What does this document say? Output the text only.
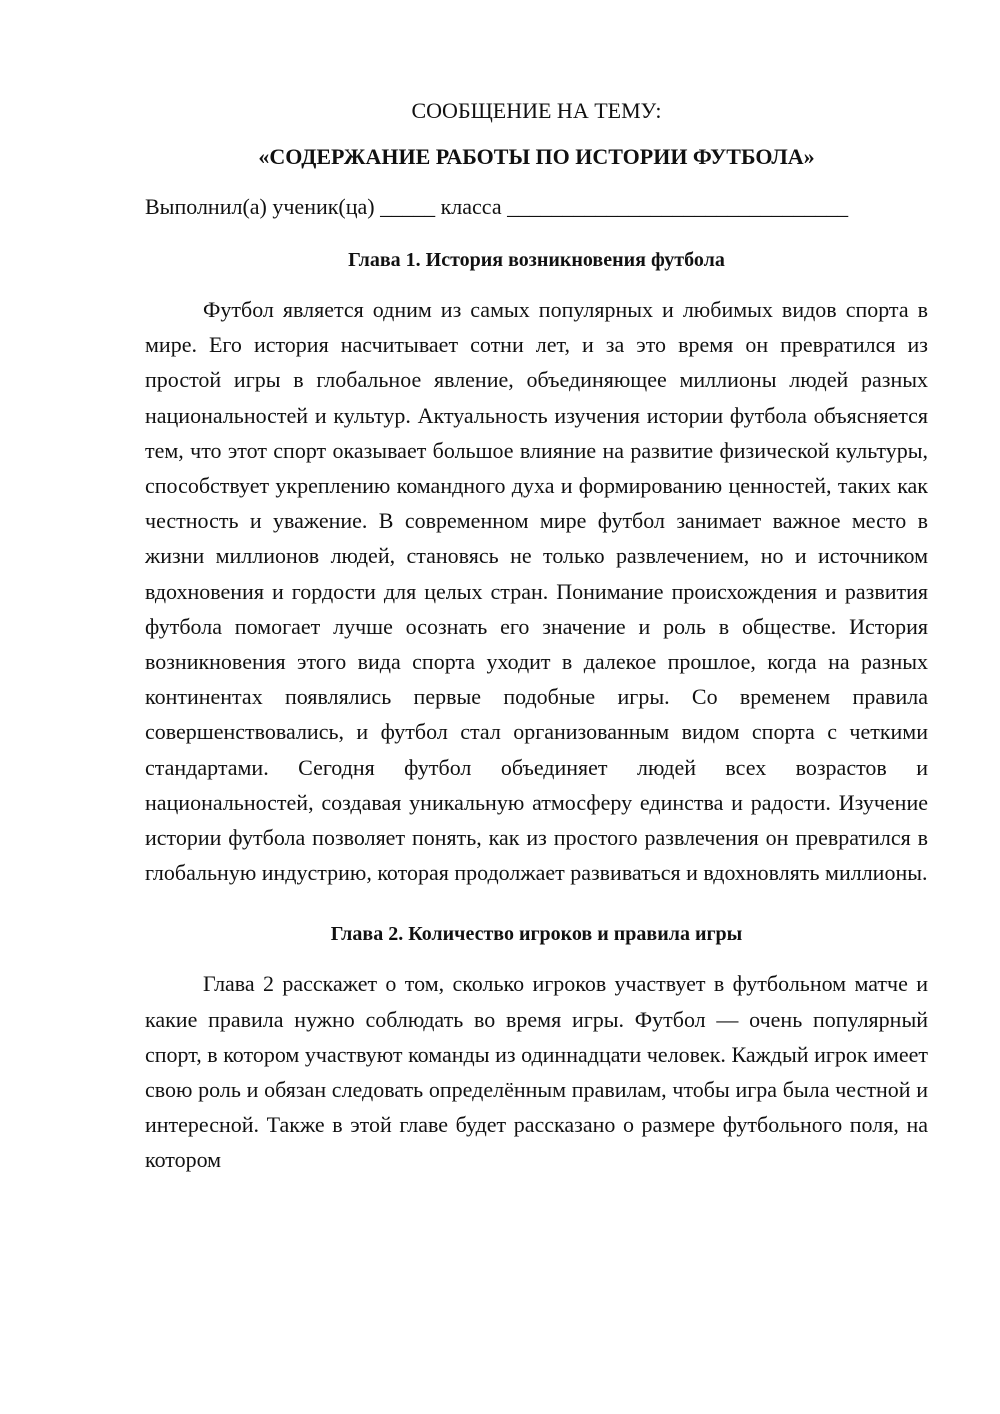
СООБЩЕНИЕ НА ТЕМУ:

«СОДЕРЖАНИЕ РАБОТЫ ПО ИСТОРИИ ФУТБОЛА»

Выполнил(а) ученик(ца) _____ класса _______________________________
Глава 1. История возникновения футбола

Футбол является одним из самых популярных и любимых видов спорта в мире. Его история насчитывает сотни лет, и за это время он превратился из простой игры в глобальное явление, объединяющее миллионы людей разных национальностей и культур. Актуальность изучения истории футбола объясняется тем, что этот спорт оказывает большое влияние на развитие физической культуры, способствует укреплению командного духа и формированию ценностей, таких как честность и уважение. В современном мире футбол занимает важное место в жизни миллионов людей, становясь не только развлечением, но и источником вдохновения и гордости для целых стран. Понимание происхождения и развития футбола помогает лучше осознать его значение и роль в обществе. История возникновения этого вида спорта уходит в далекое прошлое, когда на разных континентах появлялись первые подобные игры. Со временем правила совершенствовались, и футбол стал организованным видом спорта с четкими стандартами. Сегодня футбол объединяет людей всех возрастов и национальностей, создавая уникальную атмосферу единства и радости. Изучение истории футбола позволяет понять, как из простого развлечения он превратился в глобальную индустрию, которая продолжает развиваться и вдохновлять миллионы.

Глава 2. Количество игроков и правила игры

Глава 2 расскажет о том, сколько игроков участвует в футбольном матче и какие правила нужно соблюдать во время игры. Футбол — очень популярный спорт, в котором участвуют команды из одиннадцати человек. Каждый игрок имеет свою роль и обязан следовать определённым правилам, чтобы игра была честной и интересной. Также в этой главе будет рассказано о размере футбольного поля, на котором
